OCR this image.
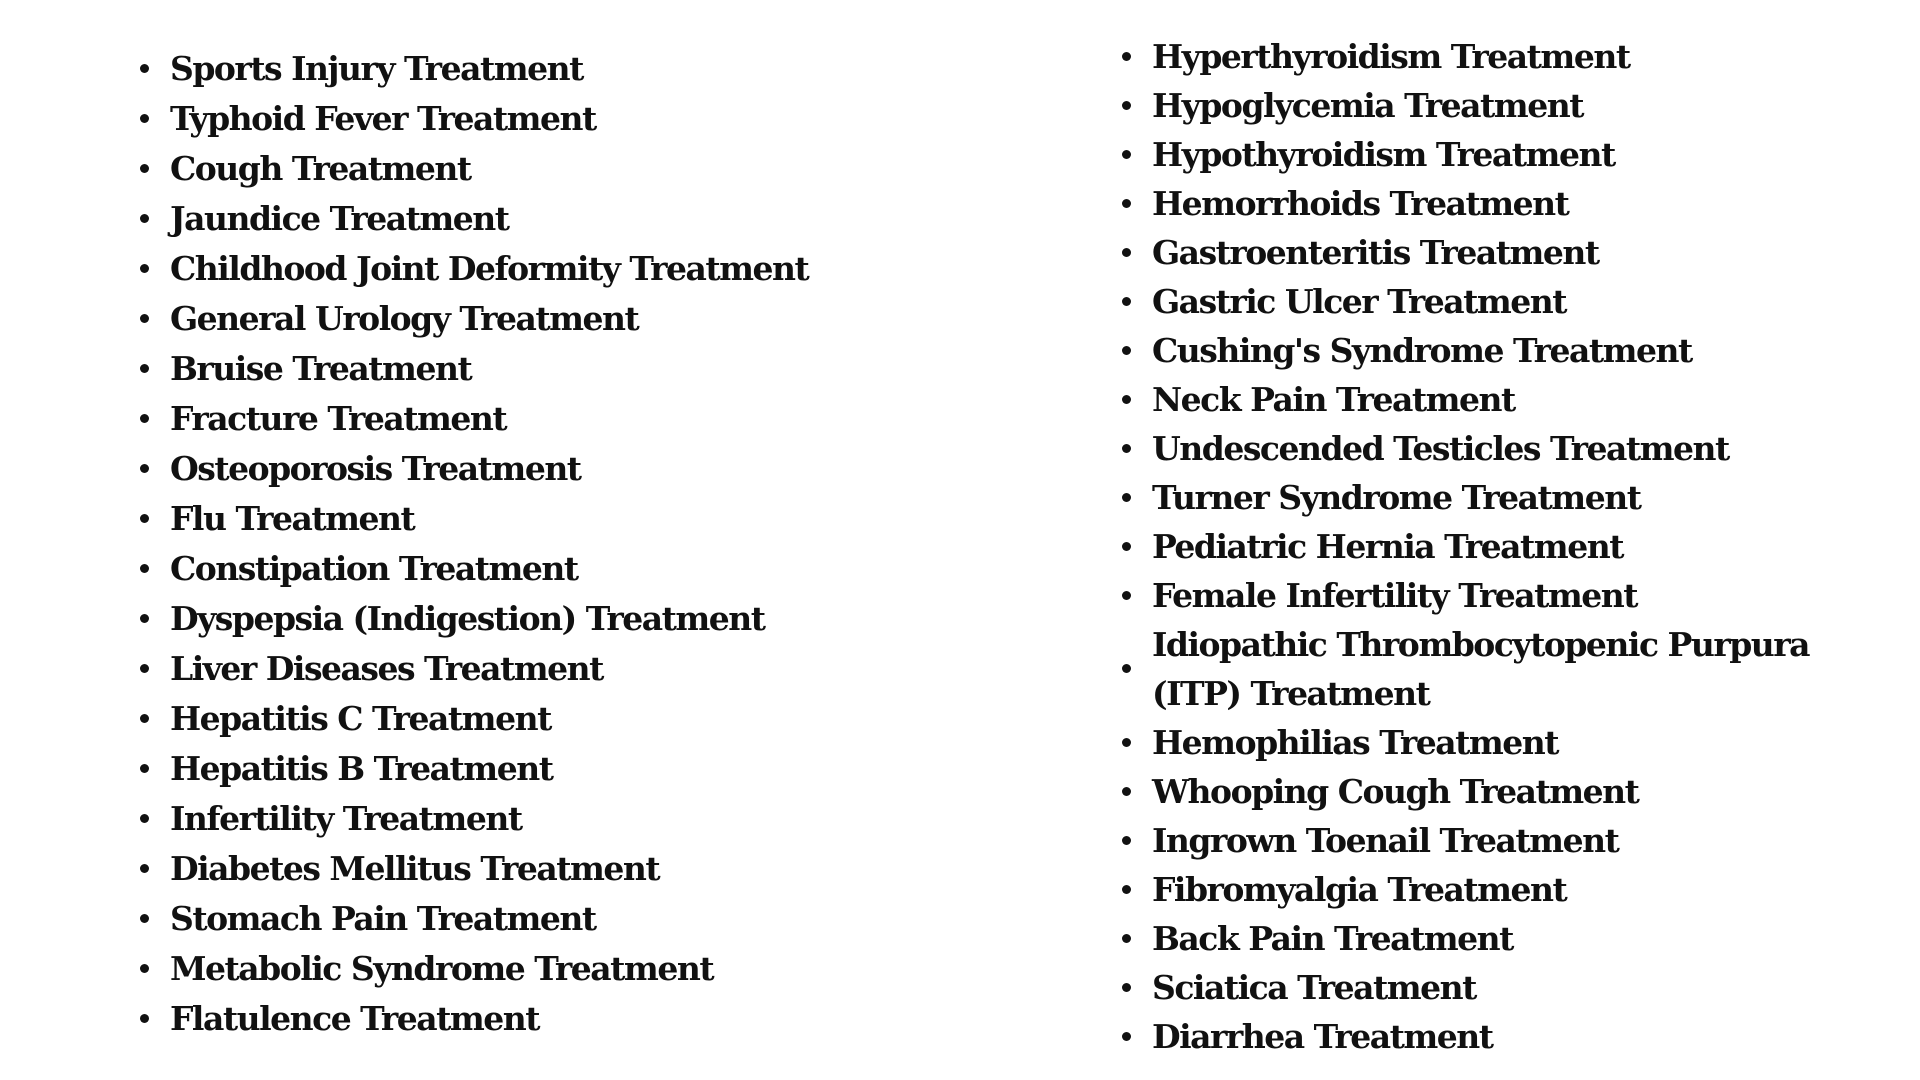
Sports Injury Treatment
Typhoid Fever Treatment
Cough Treatment
Jaundice Treatment
Childhood Joint Deformity Treatment
General Urology Treatment
Bruise Treatment
Fracture Treatment
Osteoporosis Treatment
Flu Treatment
Constipation Treatment
Dyspepsia (Indigestion) Treatment
Liver Diseases Treatment
Hepatitis C Treatment
Hepatitis B Treatment
Infertility Treatment
Diabetes Mellitus Treatment
Stomach Pain Treatment
Metabolic Syndrome Treatment
Flatulence Treatment
Hyperthyroidism Treatment
Hypoglycemia Treatment
Hypothyroidism Treatment
Hemorrhoids Treatment
Gastroenteritis Treatment
Gastric Ulcer Treatment
Cushing's Syndrome Treatment
Neck Pain Treatment
Undescended Testicles Treatment
Turner Syndrome Treatment
Pediatric Hernia Treatment
Female Infertility Treatment
Idiopathic Thrombocytopenic Purpura (ITP) Treatment
Hemophilias Treatment
Whooping Cough Treatment
Ingrown Toenail Treatment
Fibromyalgia Treatment
Back Pain Treatment
Sciatica Treatment
Diarrhea Treatment
